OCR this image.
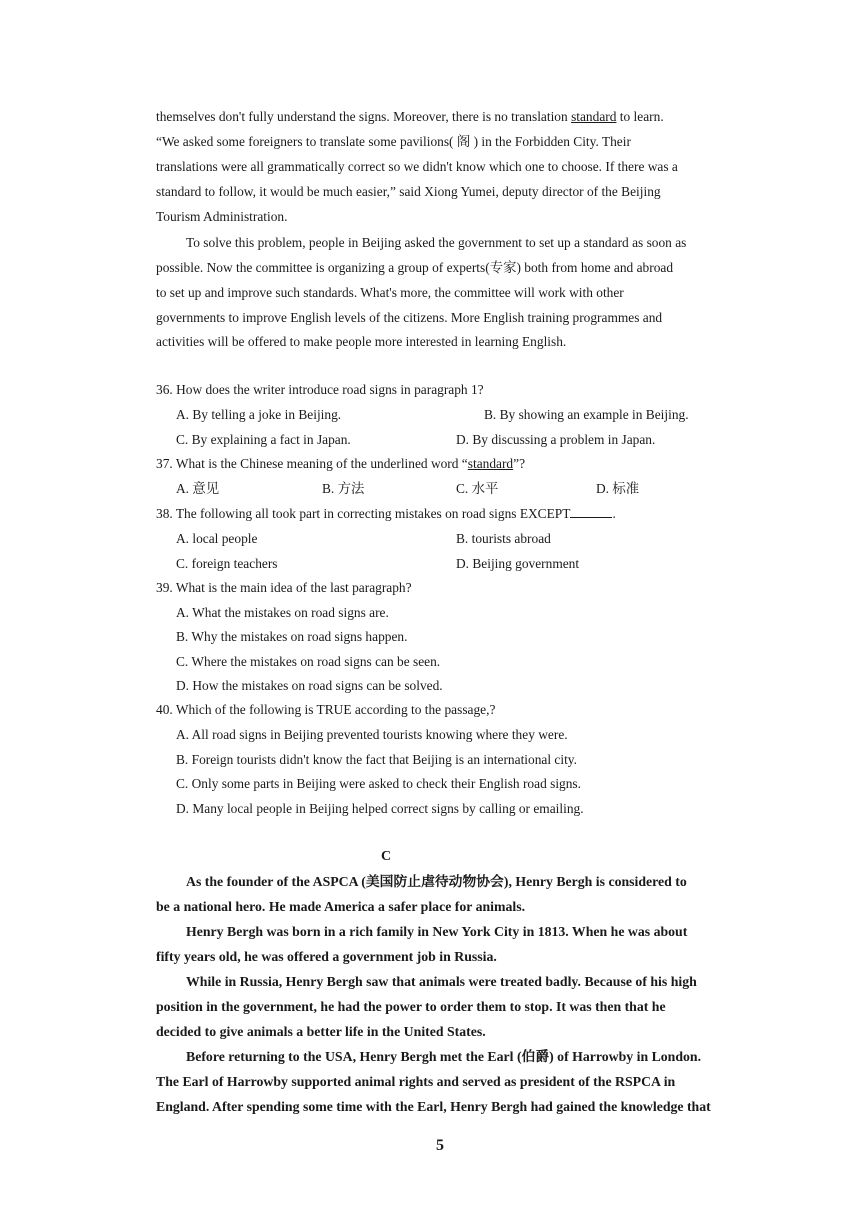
themselves don't fully understand the signs. Moreover, there is no translation standard to learn.
“We asked some foreigners to translate some pavilions( 阁 ) in the Forbidden City. Their
translations were all grammatically correct so we didn't know which one to choose. If there was a
standard to follow, it would be much easier,” said Xiong Yumei, deputy director of the Beijing
Tourism Administration.
To solve this problem, people in Beijing asked the government to set up a standard as soon as
possible. Now the committee is organizing a group of experts(专家) both from home and abroad
to set up and improve such standards. What's more, the committee will work with other
governments to improve English levels of the citizens. More English training programmes and
activities will be offered to make people more interested in learning English.
36. How does the writer introduce road signs in paragraph 1?
A. By telling a joke in Beijing.	B. By showing an example in Beijing.
C. By explaining a fact in Japan.	D. By discussing a problem in Japan.
37. What is the Chinese meaning of the underlined word “standard”?
A. 意见	B. 方法	C. 水平	D. 标准
38. The following all took part in correcting mistakes on road signs EXCEPT	.
A. local people	B. tourists abroad
C. foreign teachers	D. Beijing government
39. What is the main idea of the last paragraph?
A. What the mistakes on road signs are.
B. Why the mistakes on road signs happen.
C. Where the mistakes on road signs can be seen.
D. How the mistakes on road signs can be solved.
40. Which of the following is TRUE according to the passage,?
A. All road signs in Beijing prevented tourists knowing where they were.
B. Foreign tourists didn't know the fact that Beijing is an international city.
C. Only some parts in Beijing were asked to check their English road signs.
D. Many local people in Beijing helped correct signs by calling or emailing.
C
As the founder of the ASPCA (美国防止虐待动物协会), Henry Bergh is considered to
be a national hero. He made America a safer place for animals.
Henry Bergh was born in a rich family in New York City in 1813. When he was about
fifty years old, he was offered a government job in Russia.
While in Russia, Henry Bergh saw that animals were treated badly. Because of his high
position in the government, he had the power to order them to stop. It was then that he
decided to give animals a better life in the United States.
Before returning to the USA, Henry Bergh met the Earl (伯爵) of Harrowby in London.
The Earl of Harrowby supported animal rights and served as president of the RSPCA in
England. After spending some time with the Earl, Henry Bergh had gained the knowledge that
5
